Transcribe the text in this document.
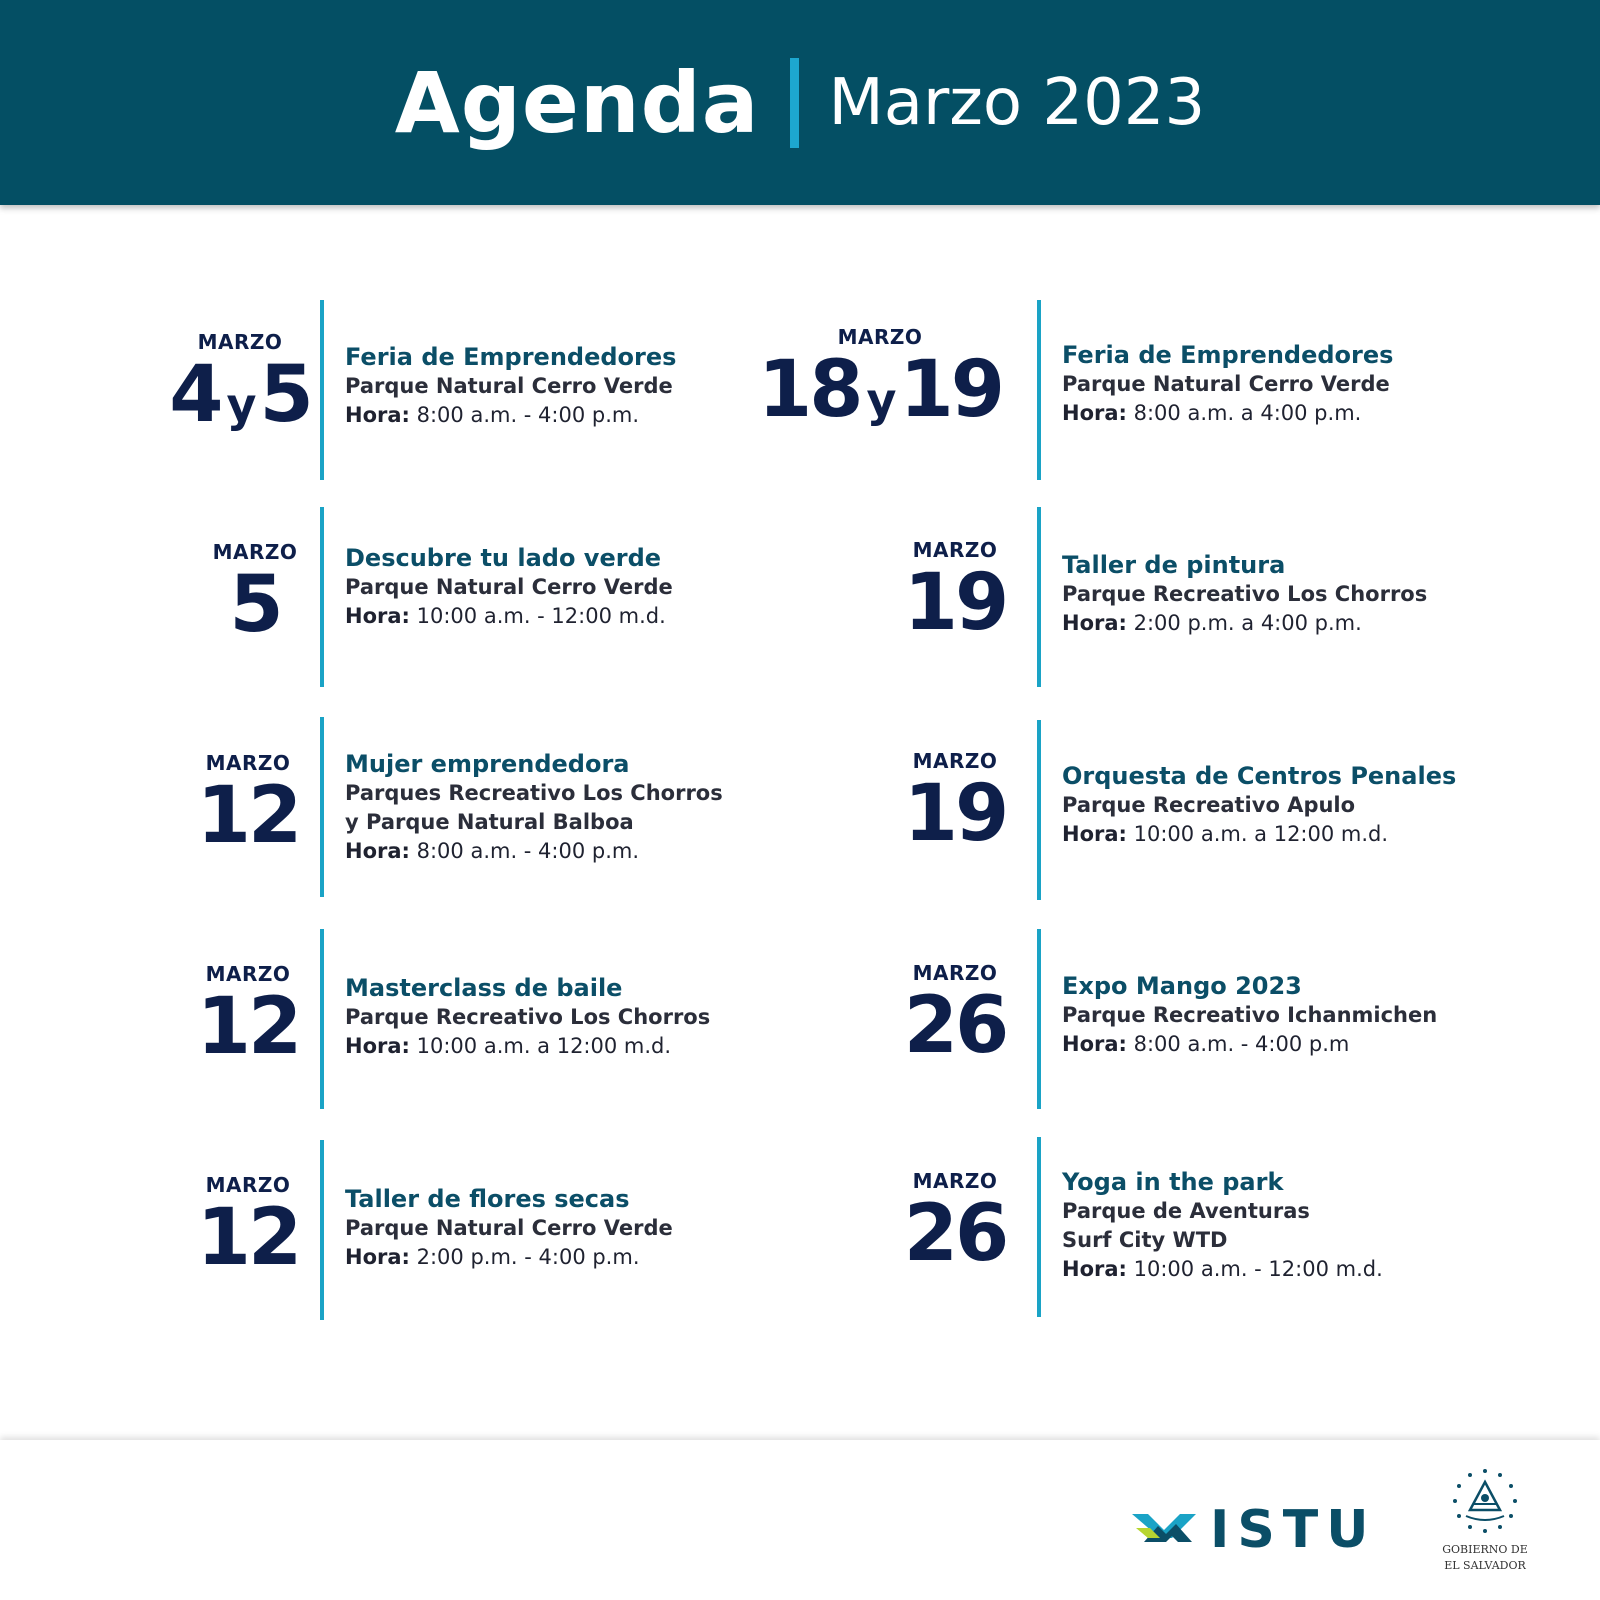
Agenda Marzo 2023
MARZO
4 y5	Feria de Emprendedores
Parque Natural Cerro Verde
Hora: 8:00 a.m. - 4:00 p.m.
MARZO
5
Descubre tu lado verde
Parque Natural Cerro Verde
Hora: 10:00 a.m. - 12:00 m.d.
MARZO
12
Mujer emprendedora
Parques Recreativo Los Chorros
y Parque Natural Balboa
Hora: 8:00 a.m. - 4:00 p.m.
MARZO
12	Masterclass de baile
Parque Recreativo Los Chorros
Hora: 10:00 a.m. a 12:00 m.d.
MARZO
12	Taller de flores secas
Parque Natural Cerro Verde
Hora: 2:00 p.m. - 4:00 p.m.
MARZO
18 y19	Feria de Emprendedores
Parque Natural Cerro Verde
Hora: 8:00 a.m. a 4:00 p.m.
MARZO
19	Taller de pintura
Parque Recreativo Los Chorros
Hora: 2:00 p.m. a 4:00 p.m.
MARZO
19	Orquesta de Centros Penales
Parque Recreativo Apulo
Hora: 10:00 a.m. a 12:00 m.d.
MARZO
26	Expo Mango 2023
Parque Recreativo Ichanmichen
Hora: 8:00 a.m. - 4:00 p.m
MARZO
26
Yoga in the park
Parque de Aventuras
Surf City WTD
Hora: 10:00 a.m. - 12:00 m.d.
ISTU	GOBIERNO DE
EL SALVADOR
